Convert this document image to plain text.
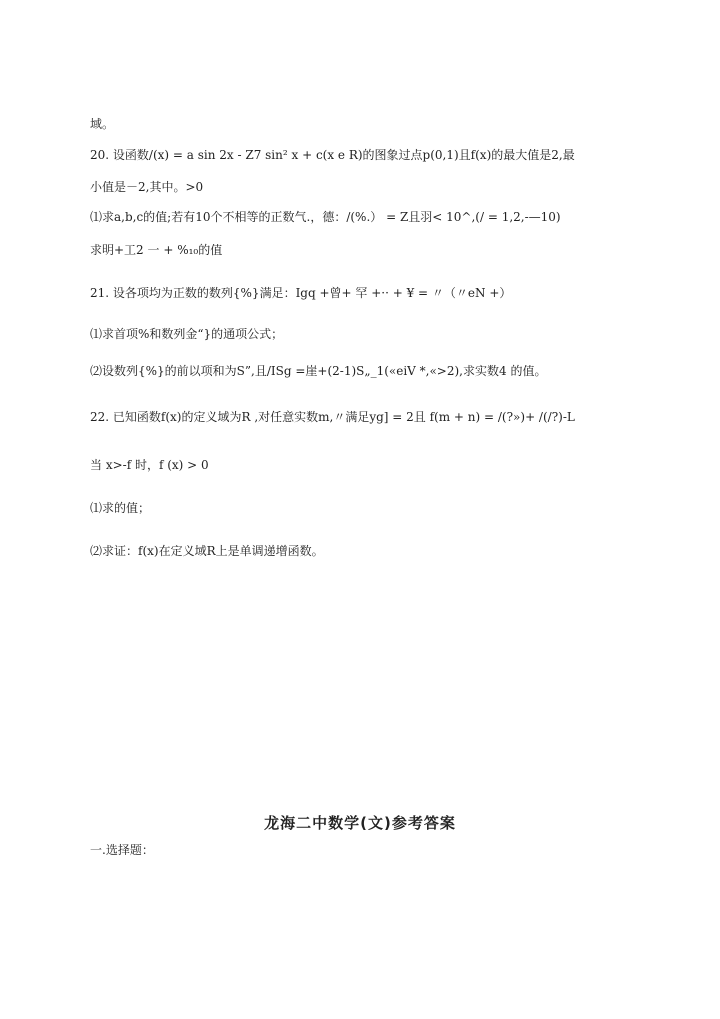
域。
20. 设函数/(x) = a sin 2x - Z7 sin² x + c(x e R)的图象过点p(0,1)且f(x)的最大值是2,最
小值是－2,其中。>0
⑴求a,b,c的值;若有10个不相等的正数气.，德：/(%.） = Z且羽< 10^,(/ = 1,2,-—10)
求明+工2 一 + %₁₀的值
21. 设各项均为正数的数列{%}满足：Igq +曾+ 罕 +·· + ¥ = 〃（〃eN +）
⑴求首项%和数列金“}的通项公式；
⑵设数列{%}的前以项和为S”,且/ISg =崖+(2-1)S„_1(«eiV *,«>2),求实数4 的值。
22. 已知函数f(x)的定义域为R ,对任意实数m,〃满足yg] = 2且 f(m + n) = /(?»)+ /(/?)-L
当 x>-f 时，f (x) > 0
⑴求的值；
⑵求证：f(x)在定义域R上是单调递增函数。
龙海二中数学(文)参考答案
一.选择题：
